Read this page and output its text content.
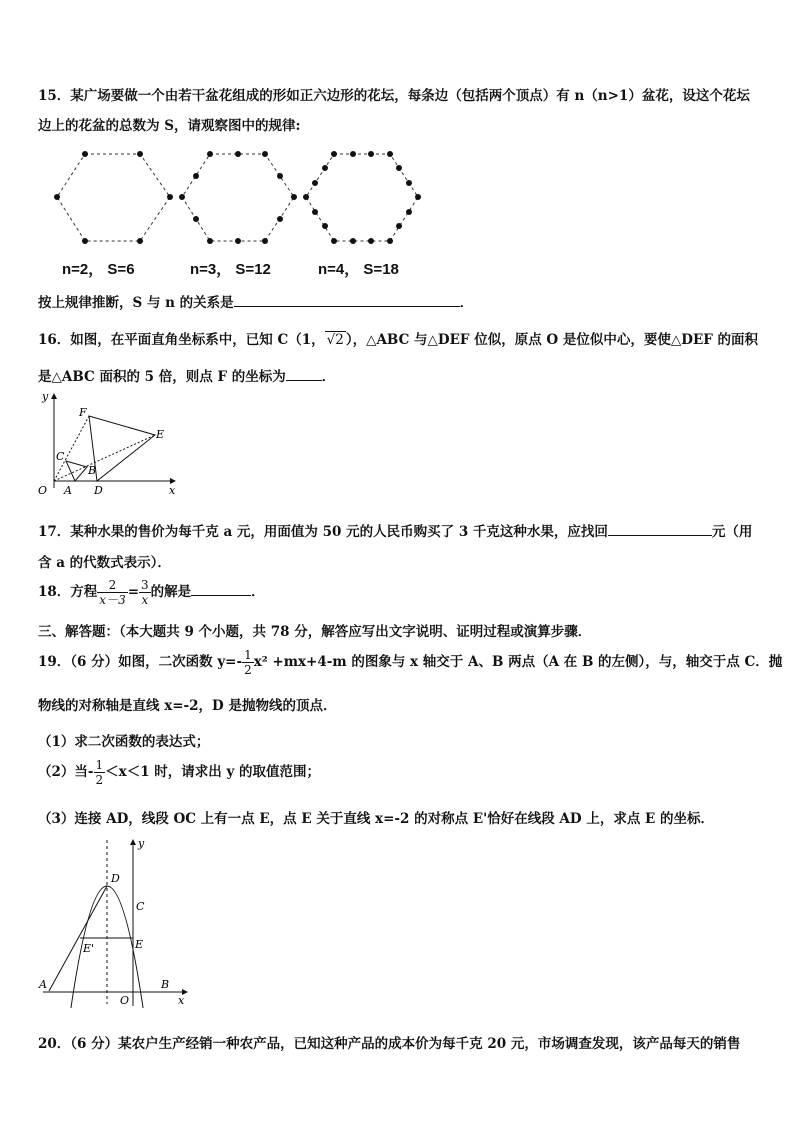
15．某广场要做一个由若干盆花组成的形如正六边形的花坛，每条边（包括两个顶点）有 n（n>1）盆花，设这个花坛
边上的花盆的总数为 S，请观察图中的规律:
n=2， S=6	n=3， S=12	n=4， S=18
按上规律推断，S 与 n 的关系是	．
16．如图，在平面直角坐标系中，已知 C（1， √2 ），△ABC 与△DEF 位似，原点 O 是位似中心，要使△DEF 的面积
是△ABC 面积的 5 倍，则点 F 的坐标为	．
y
F
E
C
B
O A D	x
17．某种水果的售价为每千克 a 元，用面值为 50 元的人民币购买了 3 千克这种水果，应找回	元（用
含 a 的代数式表示）．
18．方程 $\frac{2}{x-3} = \frac{3}{x}$ 的解是	．
三、解答题：（本大题共 9 个小题，共 78 分，解答应写出文字说明、证明过程或演算步骤．
19．（6 分）如图，二次函数 $y=- \frac{1}{2} x^2 +mx+4-m$ 的图象与 x 轴交于 A、B 两点（A 在 B 的左侧），与，轴交于点 C．抛
物线的对称轴是直线 x=-2，D 是抛物线的顶点．
（1）求二次函数的表达式；
（2）当- $\frac{1}{2} <x<1$ 时，请求出 y 的取值范围；
（3）连接 AD，线段 OC 上有一点 E，点 E 关于直线 x=-2 的对称点 E'恰好在线段 AD 上，求点 E 的坐标．
y
D
C
E'	E
A	B
O	x
20．（6 分）某农户生产经销一种农产品，已知这种产品的成本价为每千克 20 元，市场调查发现，该产品每天的销售
